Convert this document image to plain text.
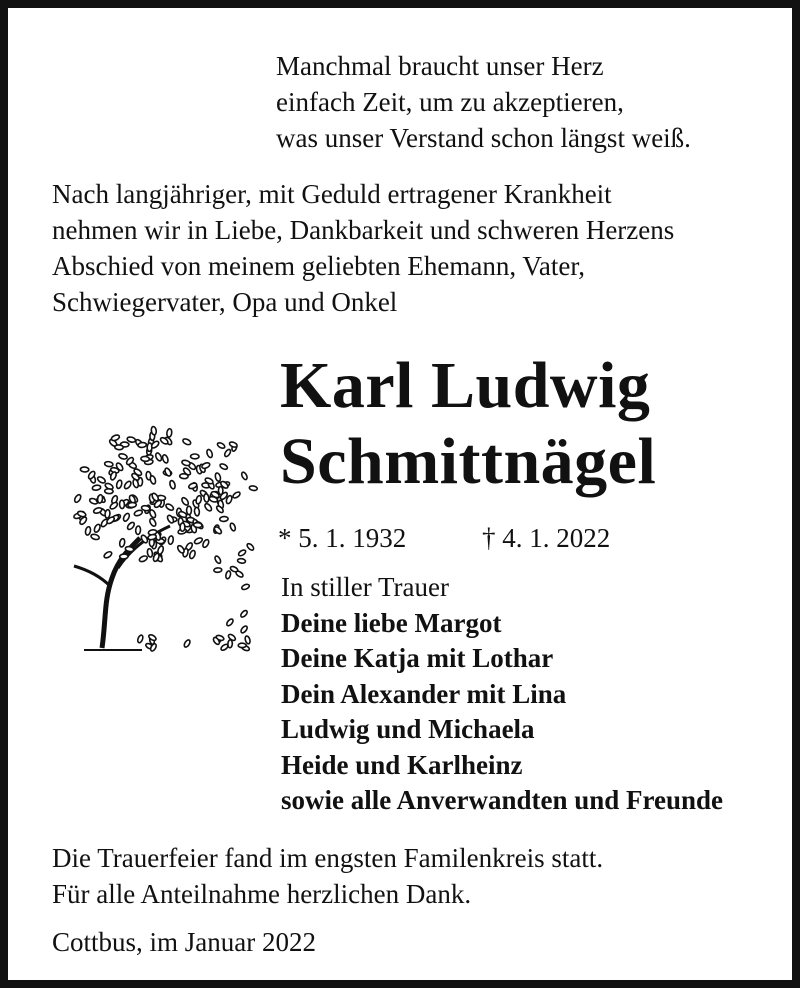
Manchmal braucht unser Herz
einfach Zeit, um zu akzeptieren,
was unser Verstand schon längst weiß.
Nach langjähriger, mit Geduld ertragener Krankheit
nehmen wir in Liebe, Dankbarkeit und schweren Herzens
Abschied von meinem geliebten Ehemann, Vater,
Schwiegervater, Opa und Onkel
Karl Ludwig
Schmittnägel
* 5. 1. 1932	† 4. 1. 2022
In stiller Trauer
Deine liebe Margot
Deine Katja mit Lothar
Dein Alexander mit Lina
Ludwig und Michaela
Heide und Karlheinz
sowie alle Anverwandten und Freunde
Die Trauerfeier fand im engsten Familenkreis statt.
Für alle Anteilnahme herzlichen Dank.
Cottbus, im Januar 2022
